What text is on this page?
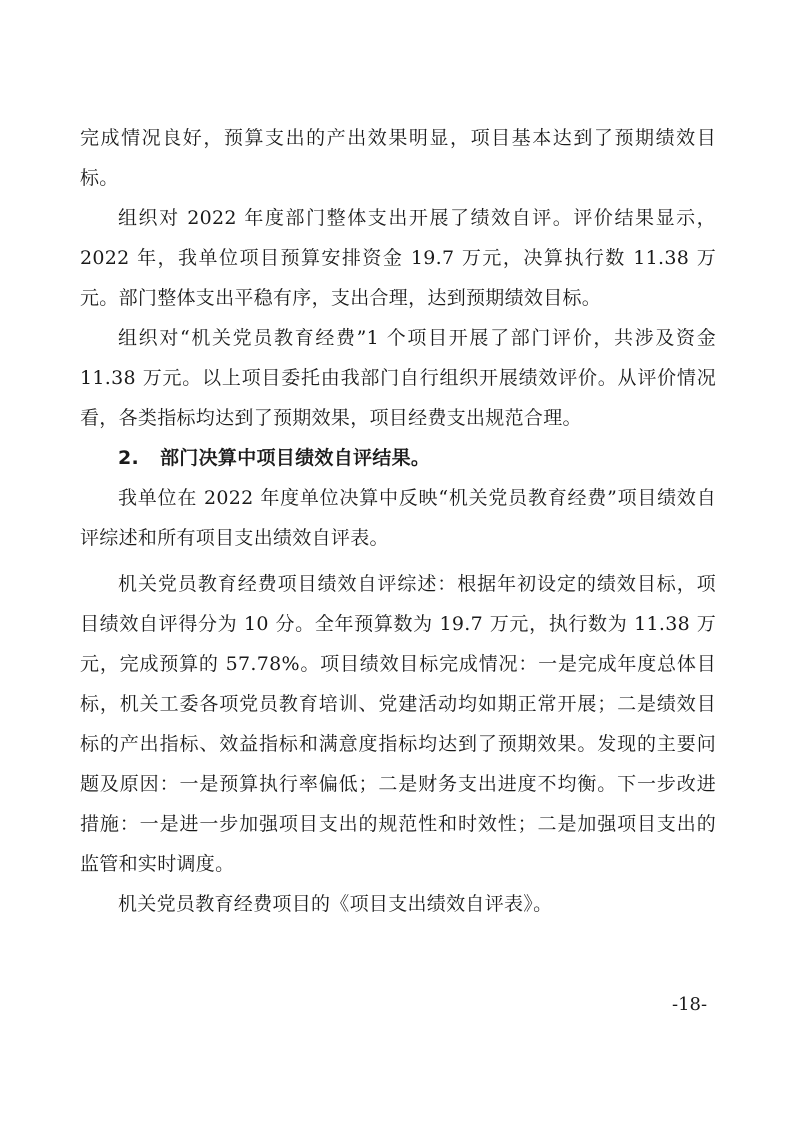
完成情况良好，预算支出的产出效果明显，项目基本达到了预期绩效目标。

组织对 2022 年度部门整体支出开展了绩效自评。评价结果显示，2022 年，我单位项目预算安排资金 19.7 万元，决算执行数 11.38 万元。部门整体支出平稳有序，支出合理，达到预期绩效目标。

组织对“机关党员教育经费”1 个项目开展了部门评价，共涉及资金 11.38 万元。以上项目委托由我部门自行组织开展绩效评价。从评价情况看，各类指标均达到了预期效果，项目经费支出规范合理。

2. 部门决算中项目绩效自评结果。

我单位在 2022 年度单位决算中反映“机关党员教育经费”项目绩效自评综述和所有项目支出绩效自评表。

机关党员教育经费项目绩效自评综述：根据年初设定的绩效目标，项目绩效自评得分为 10 分。全年预算数为 19.7 万元，执行数为 11.38 万元，完成预算的 57.78%。项目绩效目标完成情况：一是完成年度总体目标，机关工委各项党员教育培训、党建活动均如期正常开展；二是绩效目标的产出指标、效益指标和满意度指标均达到了预期效果。发现的主要问题及原因：一是预算执行率偏低；二是财务支出进度不均衡。下一步改进措施：一是进一步加强项目支出的规范性和时效性；二是加强项目支出的监管和实时调度。

机关党员教育经费项目的《项目支出绩效自评表》。

-18-
